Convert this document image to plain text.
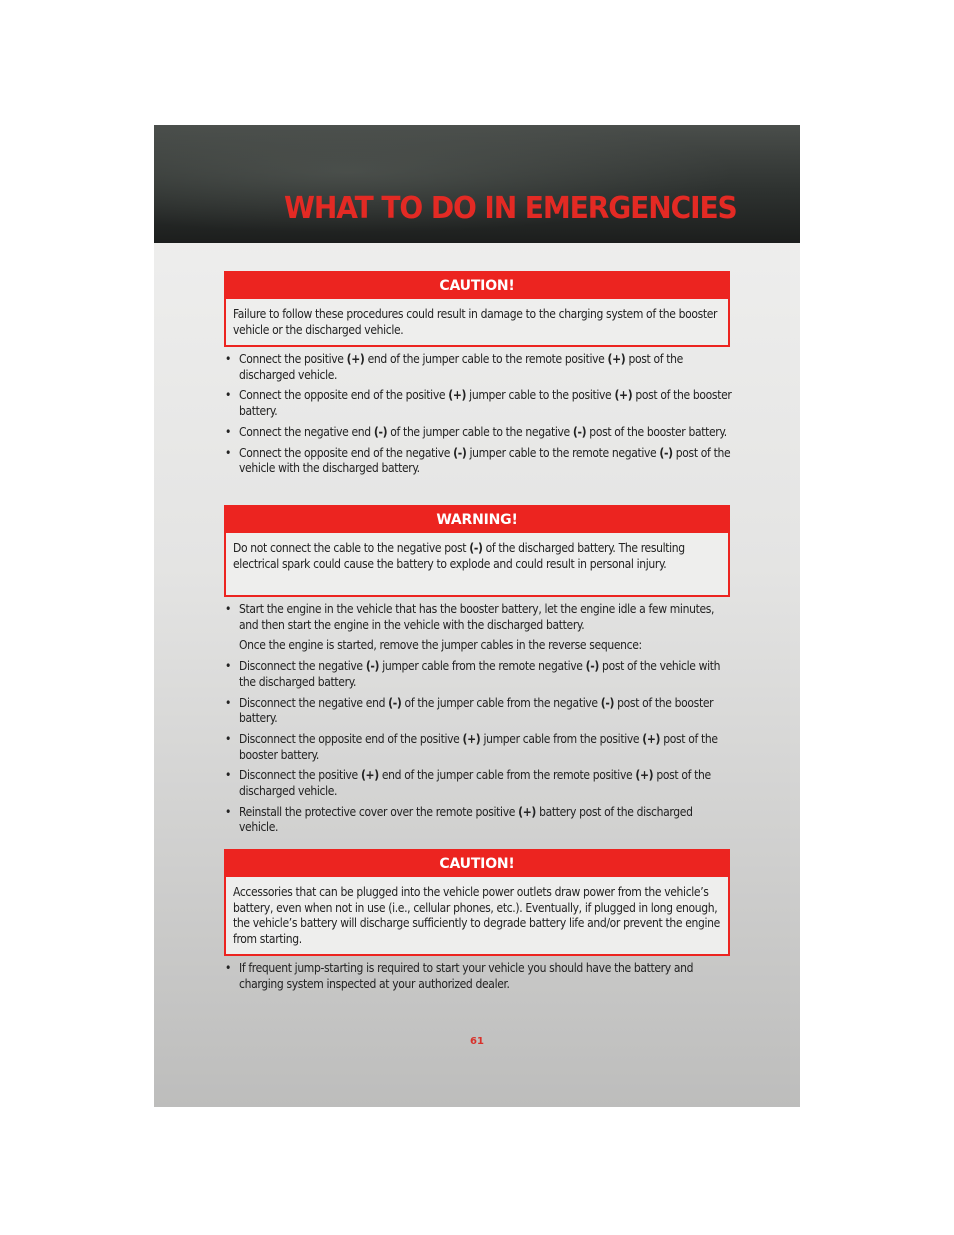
WHAT TO DO IN EMERGENCIES
CAUTION!
Failure to follow these procedures could result in damage to the charging system of the booster vehicle or the discharged vehicle.
• Connect the positive (+) end of the jumper cable to the remote positive (+) post of the discharged vehicle.
• Connect the opposite end of the positive (+) jumper cable to the positive (+) post of the booster battery.
• Connect the negative end (-) of the jumper cable to the negative (-) post of the booster battery.
• Connect the opposite end of the negative (-) jumper cable to the remote negative (-) post of the vehicle with the discharged battery.
WARNING!
Do not connect the cable to the negative post (-) of the discharged battery. The resulting electrical spark could cause the battery to explode and could result in personal injury.
• Start the engine in the vehicle that has the booster battery, let the engine idle a few minutes, and then start the engine in the vehicle with the discharged battery.
Once the engine is started, remove the jumper cables in the reverse sequence:
• Disconnect the negative (-) jumper cable from the remote negative (-) post of the vehicle with the discharged battery.
• Disconnect the negative end (-) of the jumper cable from the negative (-) post of the booster battery.
• Disconnect the opposite end of the positive (+) jumper cable from the positive (+) post of the booster battery.
• Disconnect the positive (+) end of the jumper cable from the remote positive (+) post of the discharged vehicle.
• Reinstall the protective cover over the remote positive (+) battery post of the discharged vehicle.
CAUTION!
Accessories that can be plugged into the vehicle power outlets draw power from the vehicle’s battery, even when not in use (i.e., cellular phones, etc.). Eventually, if plugged in long enough, the vehicle’s battery will discharge sufficiently to degrade battery life and/or prevent the engine from starting.
• If frequent jump-starting is required to start your vehicle you should have the battery and charging system inspected at your authorized dealer.
61
